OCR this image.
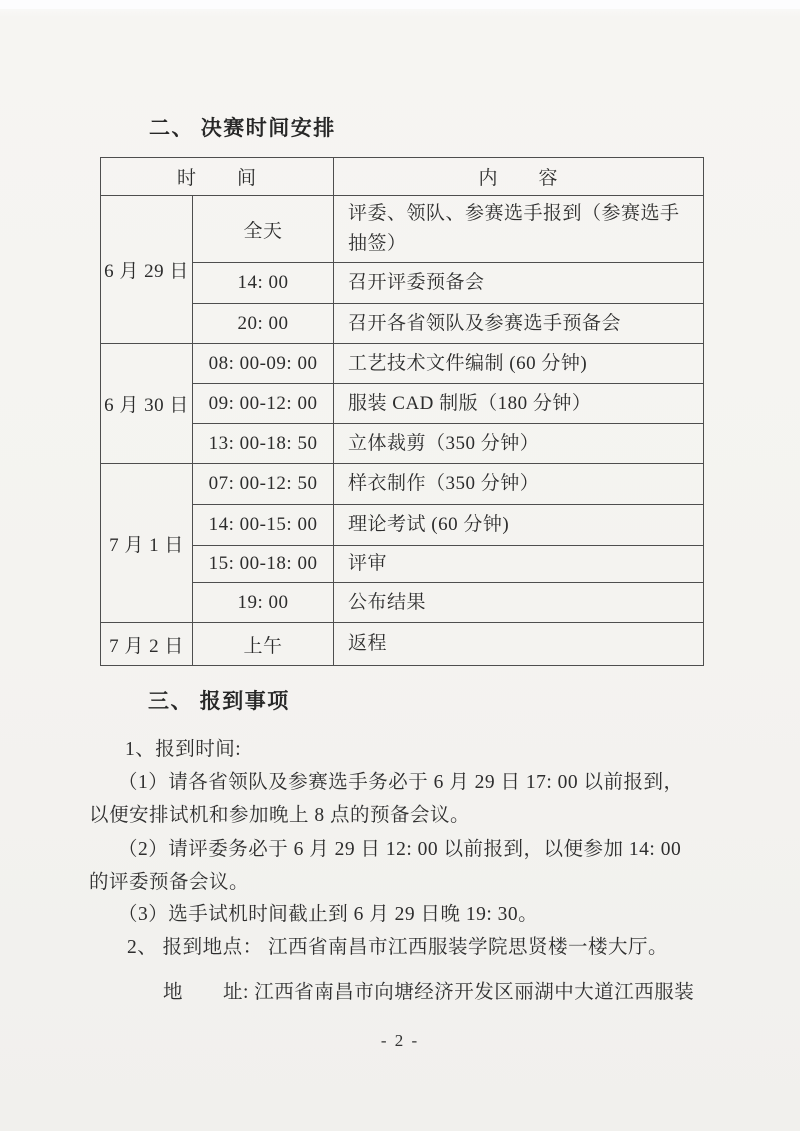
二、 决赛时间安排
时　　间		内　　容
6 月 29 日	全天	评委、领队、参赛选手报到（参赛选手抽签）
	14: 00	召开评委预备会
	20: 00	召开各省领队及参赛选手预备会
6 月 30 日	08: 00-09: 00	工艺技术文件编制 (60 分钟)
	09: 00-12: 00	服装 CAD 制版（180 分钟）
	13: 00-18: 50	立体裁剪（350 分钟）
7 月 1 日	07: 00-12: 50	样衣制作（350 分钟）
	14: 00-15: 00	理论考试 (60 分钟)
	15: 00-18: 00	评审
	19: 00	公布结果
7 月 2 日	上午	返程
三、 报到事项
1、报到时间:
（1）请各省领队及参赛选手务必于 6 月 29 日 17: 00 以前报到，
以便安排试机和参加晚上 8 点的预备会议。
（2）请评委务必于 6 月 29 日 12: 00 以前报到，以便参加 14: 00
的评委预备会议。
（3）选手试机时间截止到 6 月 29 日晚 19: 30。
2、 报到地点： 江西省南昌市江西服装学院思贤楼一楼大厅。
地　　址: 江西省南昌市向塘经济开发区丽湖中大道江西服装
- 2 -
